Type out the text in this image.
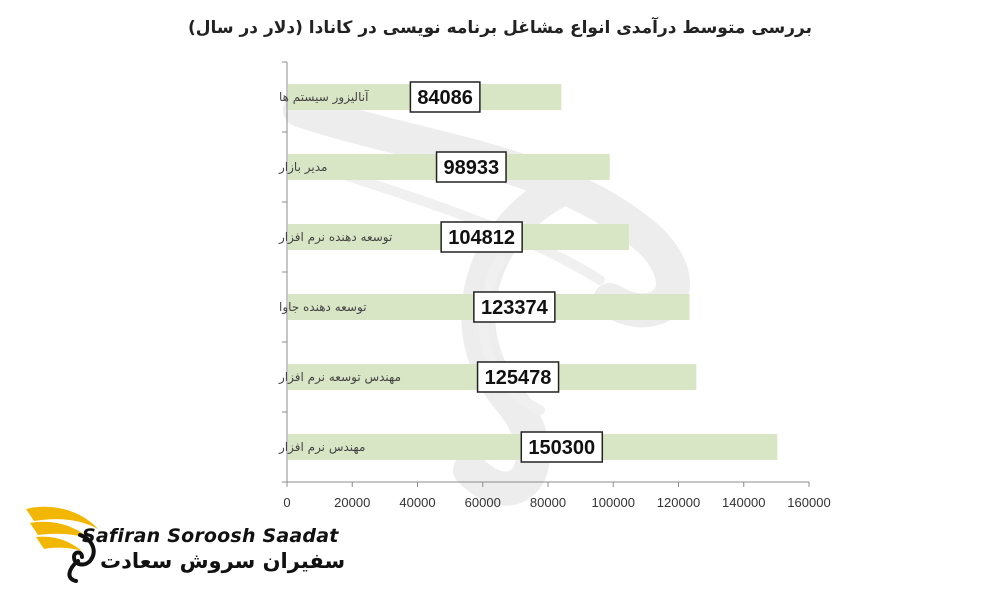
بررسی متوسط درآمدی انواع مشاغل برنامه نویسی در کانادا (دلار در سال)
0	20000 40000 60000 80000 100000 120000 140000 160000
آنالیزور سیستم ها 84086
مدیر بازار	98933
توسعه دهنده نرم افزار	104812
توسعه دهنده جاوا	123374
مهندس توسعه نرم افزار	125478
مهندس نرم افزار	150300
Safiran Soroosh Saadat
سفیران سروش سعادت
